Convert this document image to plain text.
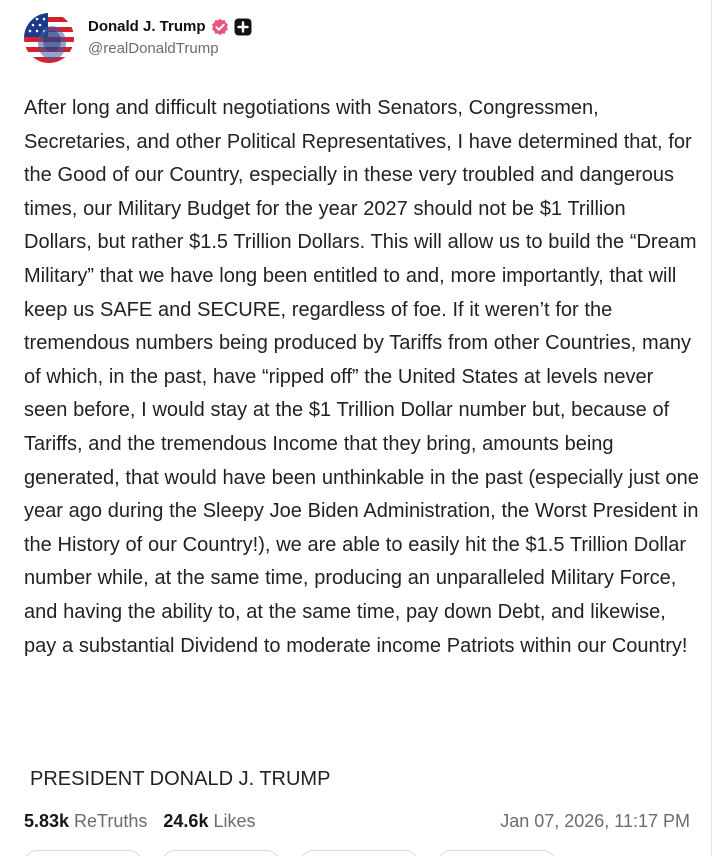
Donald J. Trump
@realDonaldTrump

After long and difficult negotiations with Senators, Congressmen, Secretaries, and other Political Representatives, I have determined that, for the Good of our Country, especially in these very troubled and dangerous times, our Military Budget for the year 2027 should not be $1 Trillion Dollars, but rather $1.5 Trillion Dollars. This will allow us to build the “Dream Military” that we have long been entitled to and, more importantly, that will keep us SAFE and SECURE, regardless of foe. If it weren’t for the tremendous numbers being produced by Tariffs from other Countries, many of which, in the past, have “ripped off” the United States at levels never seen before, I would stay at the $1 Trillion Dollar number but, because of Tariffs, and the tremendous Income that they bring, amounts being generated, that would have been unthinkable in the past (especially just one year ago during the Sleepy Joe Biden Administration, the Worst President in the History of our Country!), we are able to easily hit the $1.5 Trillion Dollar number while, at the same time, producing an unparalleled Military Force, and having the ability to, at the same time, pay down Debt, and likewise, pay a substantial Dividend to moderate income Patriots within our Country!

PRESIDENT DONALD J. TRUMP
5.83k ReTruths 24.6k Likes	Jan 07, 2026, 11:17 PM
